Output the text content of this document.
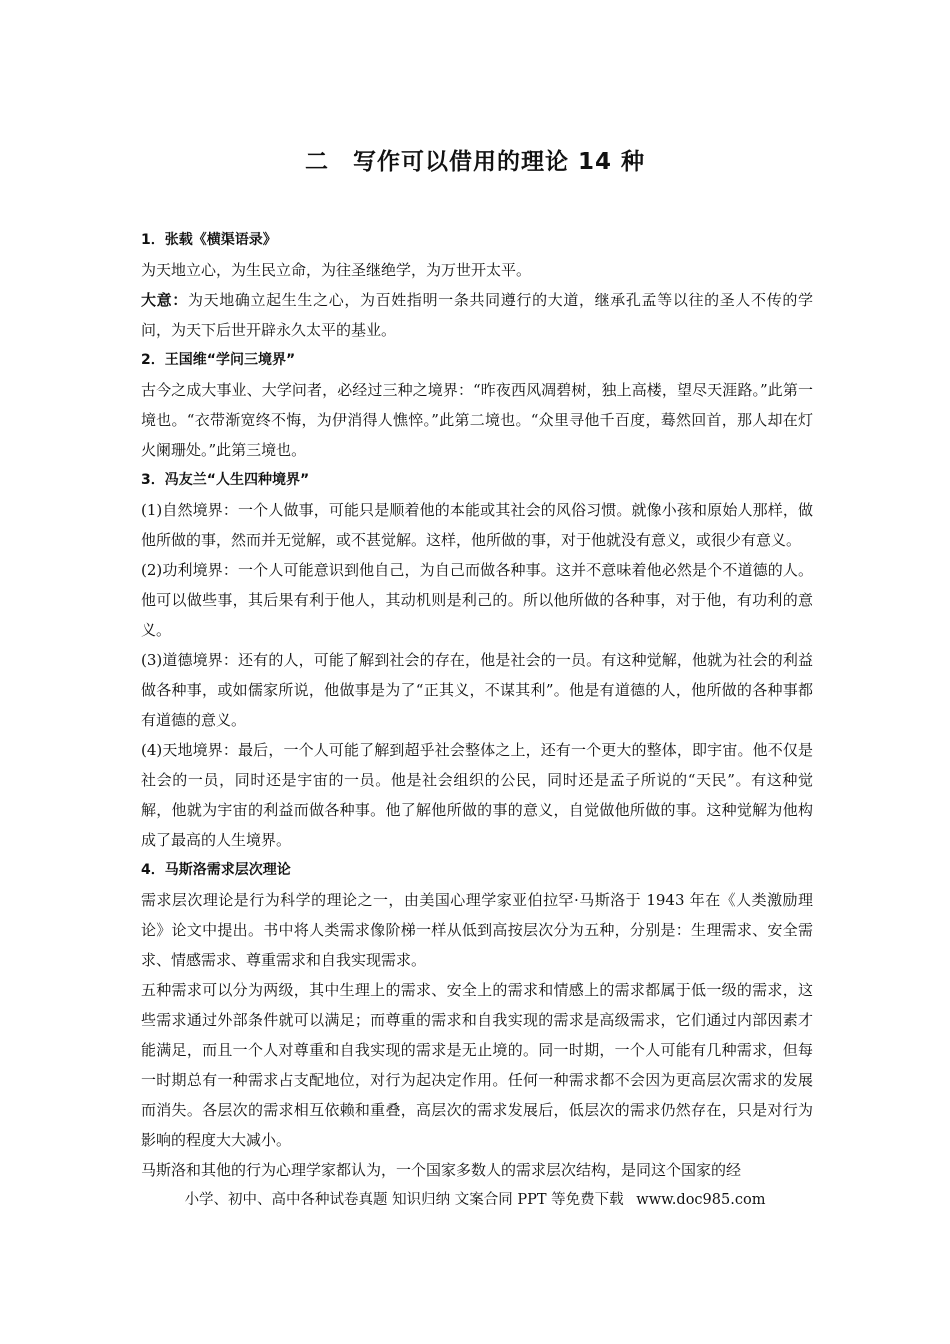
二　写作可以借用的理论 14 种

1．张载《横渠语录》

为天地立心，为生民立命，为往圣继绝学，为万世开太平。

大意：为天地确立起生生之心，为百姓指明一条共同遵行的大道，继承孔孟等以往的圣人不传的学问，为天下后世开辟永久太平的基业。

2．王国维“学问三境界”

古今之成大事业、大学问者，必经过三种之境界：“昨夜西风凋碧树，独上高楼，望尽天涯路。”此第一境也。“衣带渐宽终不悔，为伊消得人憔悴。”此第二境也。“众里寻他千百度，蓦然回首，那人却在灯火阑珊处。”此第三境也。

3．冯友兰“人生四种境界”

(1)自然境界：一个人做事，可能只是顺着他的本能或其社会的风俗习惯。就像小孩和原始人那样，做他所做的事，然而并无觉解，或不甚觉解。这样，他所做的事，对于他就没有意义，或很少有意义。

(2)功利境界：一个人可能意识到他自己，为自己而做各种事。这并不意味着他必然是个不道德的人。他可以做些事，其后果有利于他人，其动机则是利己的。所以他所做的各种事，对于他，有功利的意义。

(3)道德境界：还有的人，可能了解到社会的存在，他是社会的一员。有这种觉解，他就为社会的利益做各种事，或如儒家所说，他做事是为了“正其义，不谋其利”。他是有道德的人，他所做的各种事都有道德的意义。

(4)天地境界：最后，一个人可能了解到超乎社会整体之上，还有一个更大的整体，即宇宙。他不仅是社会的一员，同时还是宇宙的一员。他是社会组织的公民，同时还是孟子所说的“天民”。有这种觉解，他就为宇宙的利益而做各种事。他了解他所做的事的意义，自觉做他所做的事。这种觉解为他构成了最高的人生境界。

4．马斯洛需求层次理论

需求层次理论是行为科学的理论之一，由美国心理学家亚伯拉罕·马斯洛于 1943 年在《人类激励理论》论文中提出。书中将人类需求像阶梯一样从低到高按层次分为五种，分别是：生理需求、安全需求、情感需求、尊重需求和自我实现需求。

五种需求可以分为两级，其中生理上的需求、安全上的需求和情感上的需求都属于低一级的需求，这些需求通过外部条件就可以满足；而尊重的需求和自我实现的需求是高级需求，它们通过内部因素才能满足，而且一个人对尊重和自我实现的需求是无止境的。同一时期，一个人可能有几种需求，但每一时期总有一种需求占支配地位，对行为起决定作用。任何一种需求都不会因为更高层次需求的发展而消失。各层次的需求相互依赖和重叠，高层次的需求发展后，低层次的需求仍然存在，只是对行为影响的程度大大减小。

马斯洛和其他的行为心理学家都认为，一个国家多数人的需求层次结构，是同这个国家的经

小学、初中、高中各种试卷真题 知识归纳 文案合同 PPT 等免费下载 www.doc985.com
